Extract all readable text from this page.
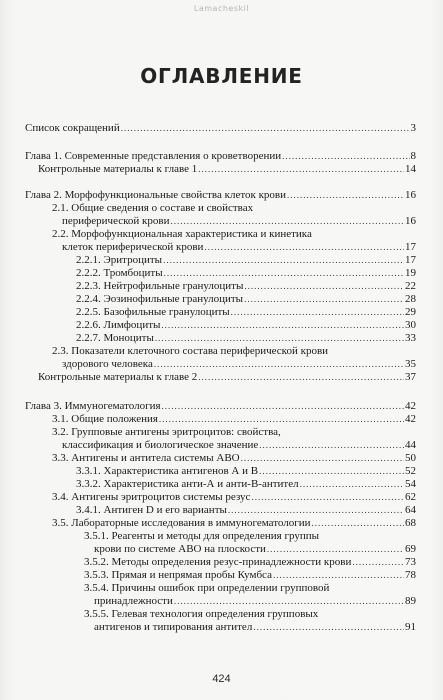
Lamacheskil
ОГЛАВЛЕНИЕ
Список сокращений .....	3
Глава 1. Современные представления о кроветворении .....	8
Контрольные материалы к главе 1 .....	14
Глава 2. Морфофункциональные свойства клеток крови .....	16
2.1. Общие сведения о составе и свойствах
периферической крови .....	16
2.2. Морфофункциональная характеристика и кинетика
клеток периферической крови .....	17
2.2.1. Эритроциты .....	17
2.2.2. Тромбоциты .....	19
2.2.3. Нейтрофильные гранулоциты .....	22
2.2.4. Эозинофильные гранулоциты .....	28
2.2.5. Базофильные гранулоциты .....	29
2.2.6. Лимфоциты .....	30
2.2.7. Моноциты .....	33
2.3. Показатели клеточного состава периферической крови
здорового человека .....	35
Контрольные материалы к главе 2 .....	37
Глава 3. Иммуногематология .....	42
3.1. Общие положения .....	42
3.2. Групповые антигены эритроцитов: свойства,
классификация и биологическое значение .....	44
3.3. Антигены и антитела системы АВО .....	50
3.3.1. Характеристика антигенов А и В .....	52
3.3.2. Характеристика анти-А и анти-В-антител .....	54
3.4. Антигены эритроцитов системы резус .....	62
3.4.1. Антиген D и его варианты .....	64
3.5. Лабораторные исследования в иммуногематологии .....	68
3.5.1. Реагенты и методы для определения группы
крови по системе АВО на плоскости .....	69
3.5.2. Методы определения резус-принадлежности крови .....	73
3.5.3. Прямая и непрямая пробы Кумбса .....	78
3.5.4. Причины ошибок при определении групповой
принадлежности .....	89
3.5.5. Гелевая технология определения групповых
антигенов и типирования антител .....	91
424
